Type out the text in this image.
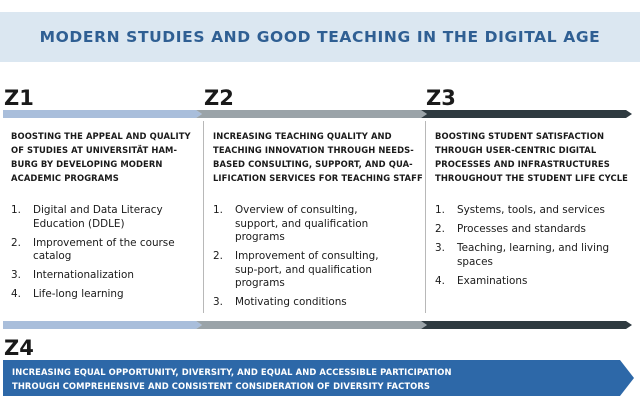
MODERN STUDIES AND GOOD TEACHING IN THE DIGITAL AGE
Z1	Z2	Z3
Z4
BOOSTING THE APPEAL AND QUALITY
OF STUDIES AT UNIVERSITÄT HAM-
BURG BY DEVELOPING MODERN
ACADEMIC PROGRAMS
1.	Digital and Data Literacy Education (DDLE)
2.	Improvement of the course catalog
3.	Internationalization
4.	Life-long learning
INCREASING TEACHING QUALITY AND
TEACHING INNOVATION THROUGH NEEDS-
BASED CONSULTING, SUPPORT, AND QUA-
LIFICATION SERVICES FOR TEACHING STAFF
1.	Overview of consulting, support, and qualification programs
2.	Improvement of consulting, sup-port, and qualification programs
3.	Motivating conditions
BOOSTING STUDENT SATISFACTION
THROUGH USER-CENTRIC DIGITAL
PROCESSES AND INFRASTRUCTURES
THROUGHOUT THE STUDENT LIFE CYCLE
1.	Systems, tools, and services
2.	Processes and standards
3.	Teaching, learning, and living spaces
4.	Examinations
INCREASING EQUAL OPPORTUNITY, DIVERSITY, AND EQUAL AND ACCESSIBLE PARTICIPATION
THROUGH COMPREHENSIVE AND CONSISTENT CONSIDERATION OF DIVERSITY FACTORS
